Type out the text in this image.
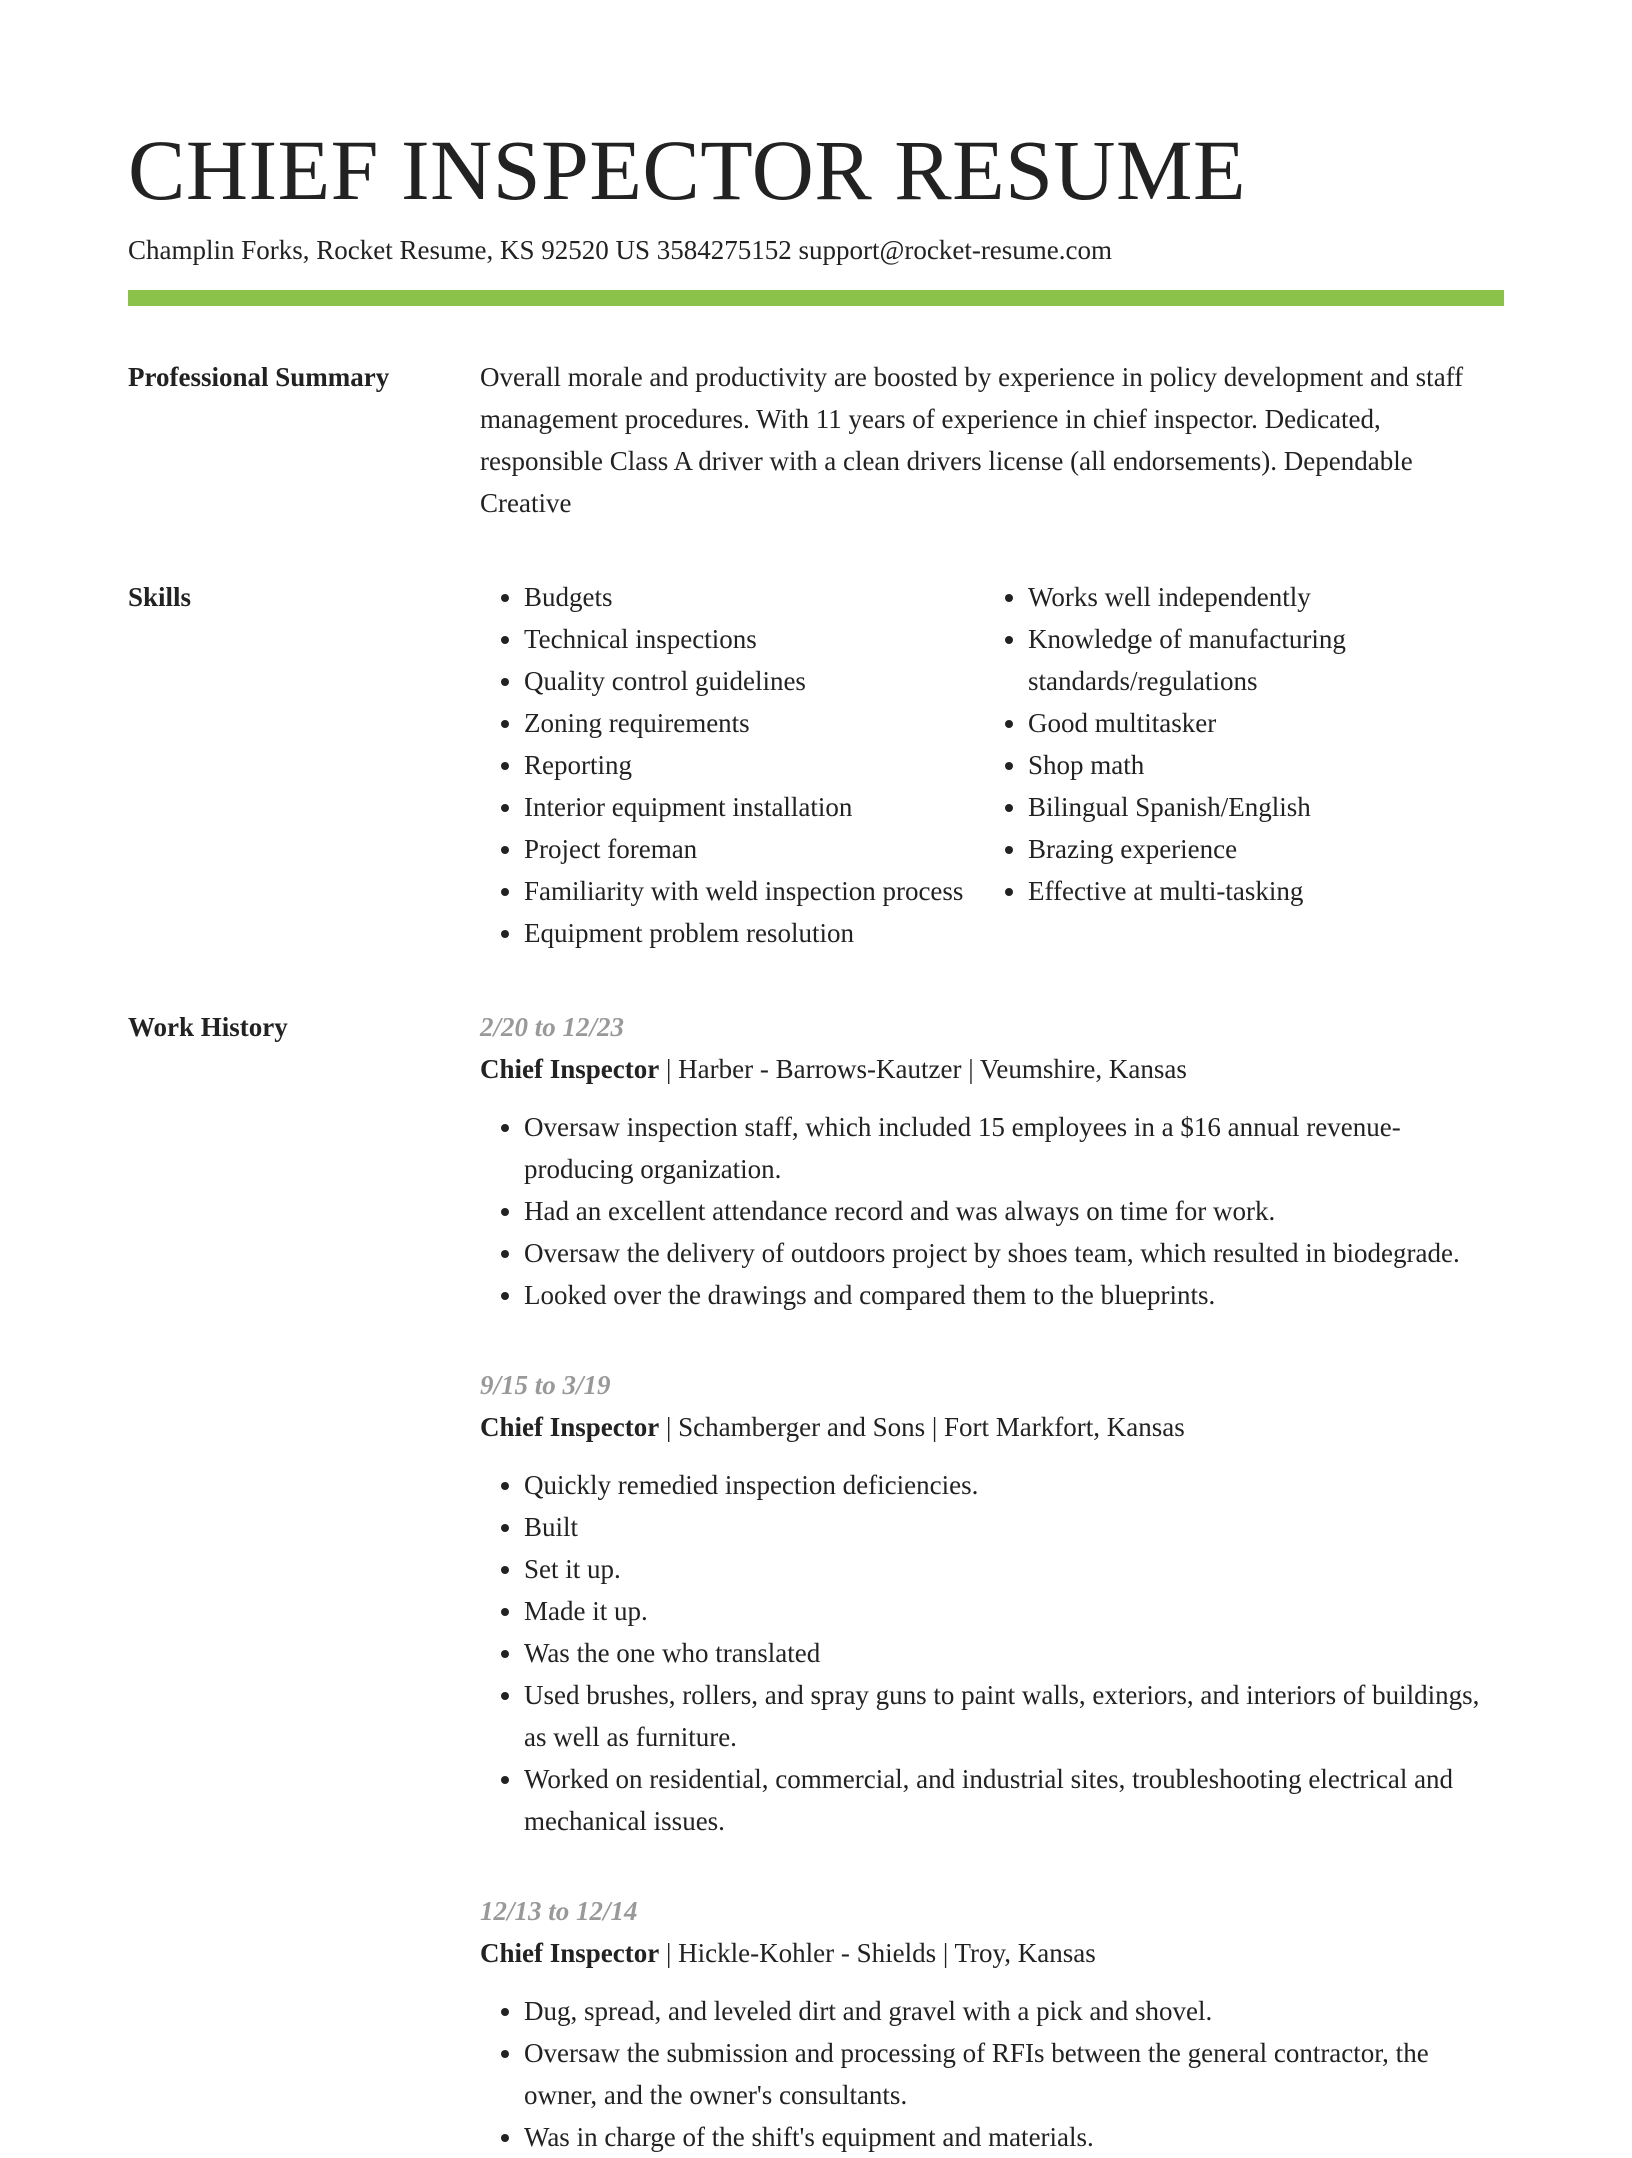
CHIEF INSPECTOR RESUME
Champlin Forks, Rocket Resume, KS 92520 US 3584275152 support@rocket-resume.com
Professional Summary	Overall morale and productivity are boosted by experience in policy development and staff management procedures. With 11 years of experience in chief inspector. Dedicated, responsible Class A driver with a clean drivers license (all endorsements). Dependable Creative

Skills
•	Budgets
• Technical inspections
• Quality control guidelines
• Zoning requirements
• Reporting
• Interior equipment installation
• Project foreman
• Familiarity with weld inspection process
• Equipment problem resolution
• Works well independently
• Knowledge of manufacturing standards/regulations
• Good multitasker
• Shop math
• Bilingual Spanish/English
• Brazing experience
• Effective at multi-tasking
Work History	2/20 to 12/23
Chief Inspector | Harber - Barrows-Kautzer | Veumshire, Kansas
• Oversaw inspection staff, which included 15 employees in a $16 annual revenue-producing organization.
• Had an excellent attendance record and was always on time for work.
• Oversaw the delivery of outdoors project by shoes team, which resulted in biodegrade.
• Looked over the drawings and compared them to the blueprints.
9/15 to 3/19
Chief Inspector | Schamberger and Sons | Fort Markfort, Kansas
• Quickly remedied inspection deficiencies.
• Built
• Set it up.
• Made it up.
• Was the one who translated
• Used brushes, rollers, and spray guns to paint walls, exteriors, and interiors of buildings, as well as furniture.
• Worked on residential, commercial, and industrial sites, troubleshooting electrical and mechanical issues.
12/13 to 12/14
Chief Inspector | Hickle-Kohler - Shields | Troy, Kansas
• Dug, spread, and leveled dirt and gravel with a pick and shovel.
• Oversaw the submission and processing of RFIs between the general contractor, the owner, and the owner's consultants.
• Was in charge of the shift's equipment and materials.
